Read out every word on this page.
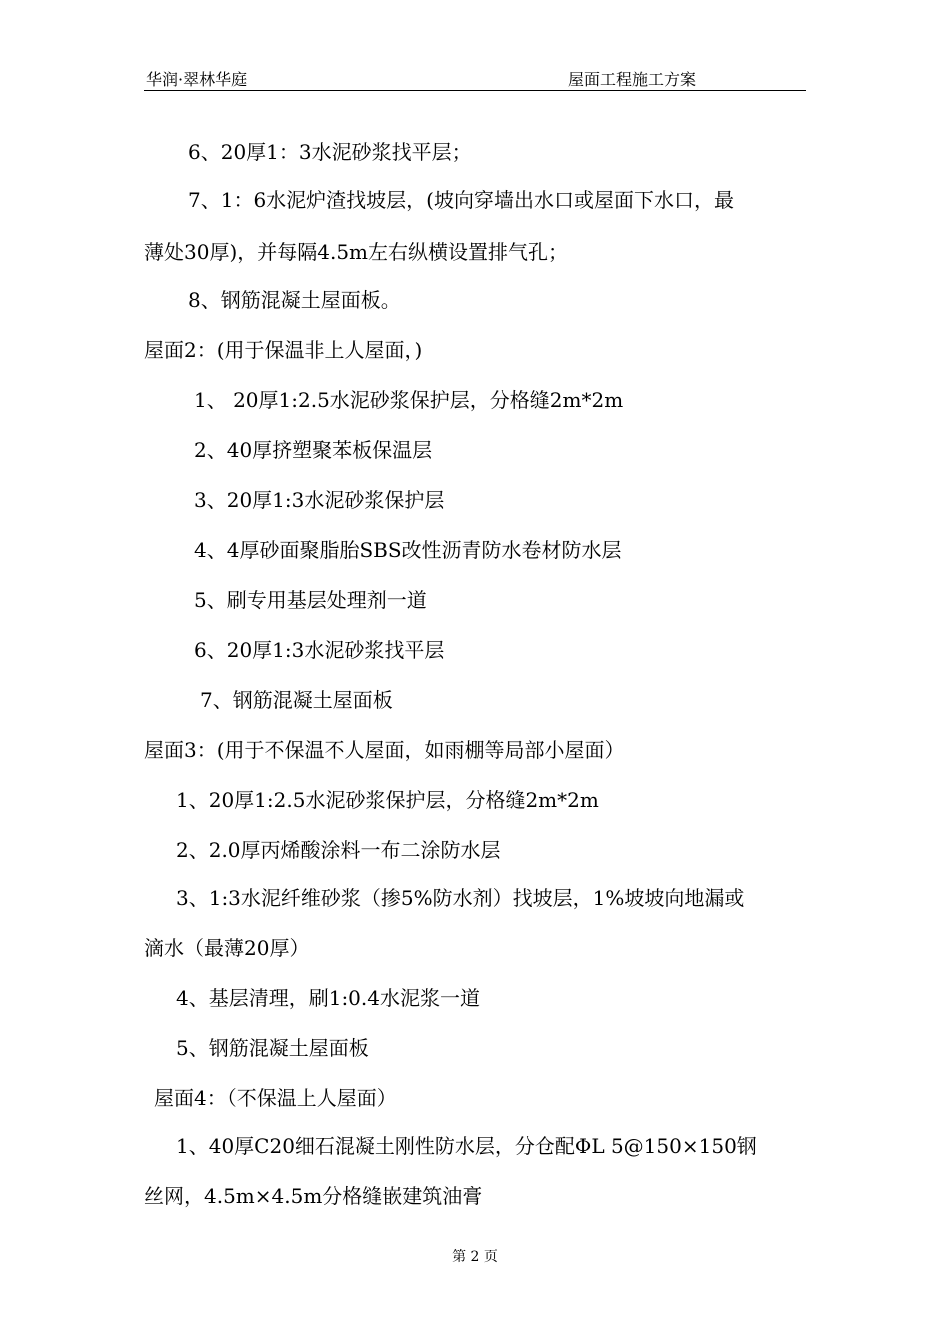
华润·翠林华庭	屋面工程施工方案
6、20厚1：3水泥砂浆找平层；
7、1：6水泥炉渣找坡层，(坡向穿墙出水口或屋面下水口，最
薄处30厚)，并每隔4.5m左右纵横设置排气孔；
8、钢筋混凝土屋面板。
屋面2：(用于保温非上人屋面，)
1、 20厚1:2.5水泥砂浆保护层，分格缝2m*2m
2、40厚挤塑聚苯板保温层
3、20厚1:3水泥砂浆保护层
4、4厚砂面聚脂胎SBS改性沥青防水卷材防水层
5、刷专用基层处理剂一道
6、20厚1:3水泥砂浆找平层
7、钢筋混凝土屋面板
屋面3：(用于不保温不人屋面，如雨棚等局部小屋面）
1、20厚1:2.5水泥砂浆保护层，分格缝2m*2m
2、2.0厚丙烯酸涂料一布二涂防水层
3、1:3水泥纤维砂浆（掺5%防水剂）找坡层，1%坡坡向地漏或
滴水（最薄20厚）
4、基层清理，刷1:0.4水泥浆一道
5、钢筋混凝土屋面板
屋面4：（不保温上人屋面）
1、40厚C20细石混凝土刚性防水层，分仓配ΦL 5@150×150钢
丝网，4.5m×4.5m分格缝嵌建筑油膏
第 2 页
